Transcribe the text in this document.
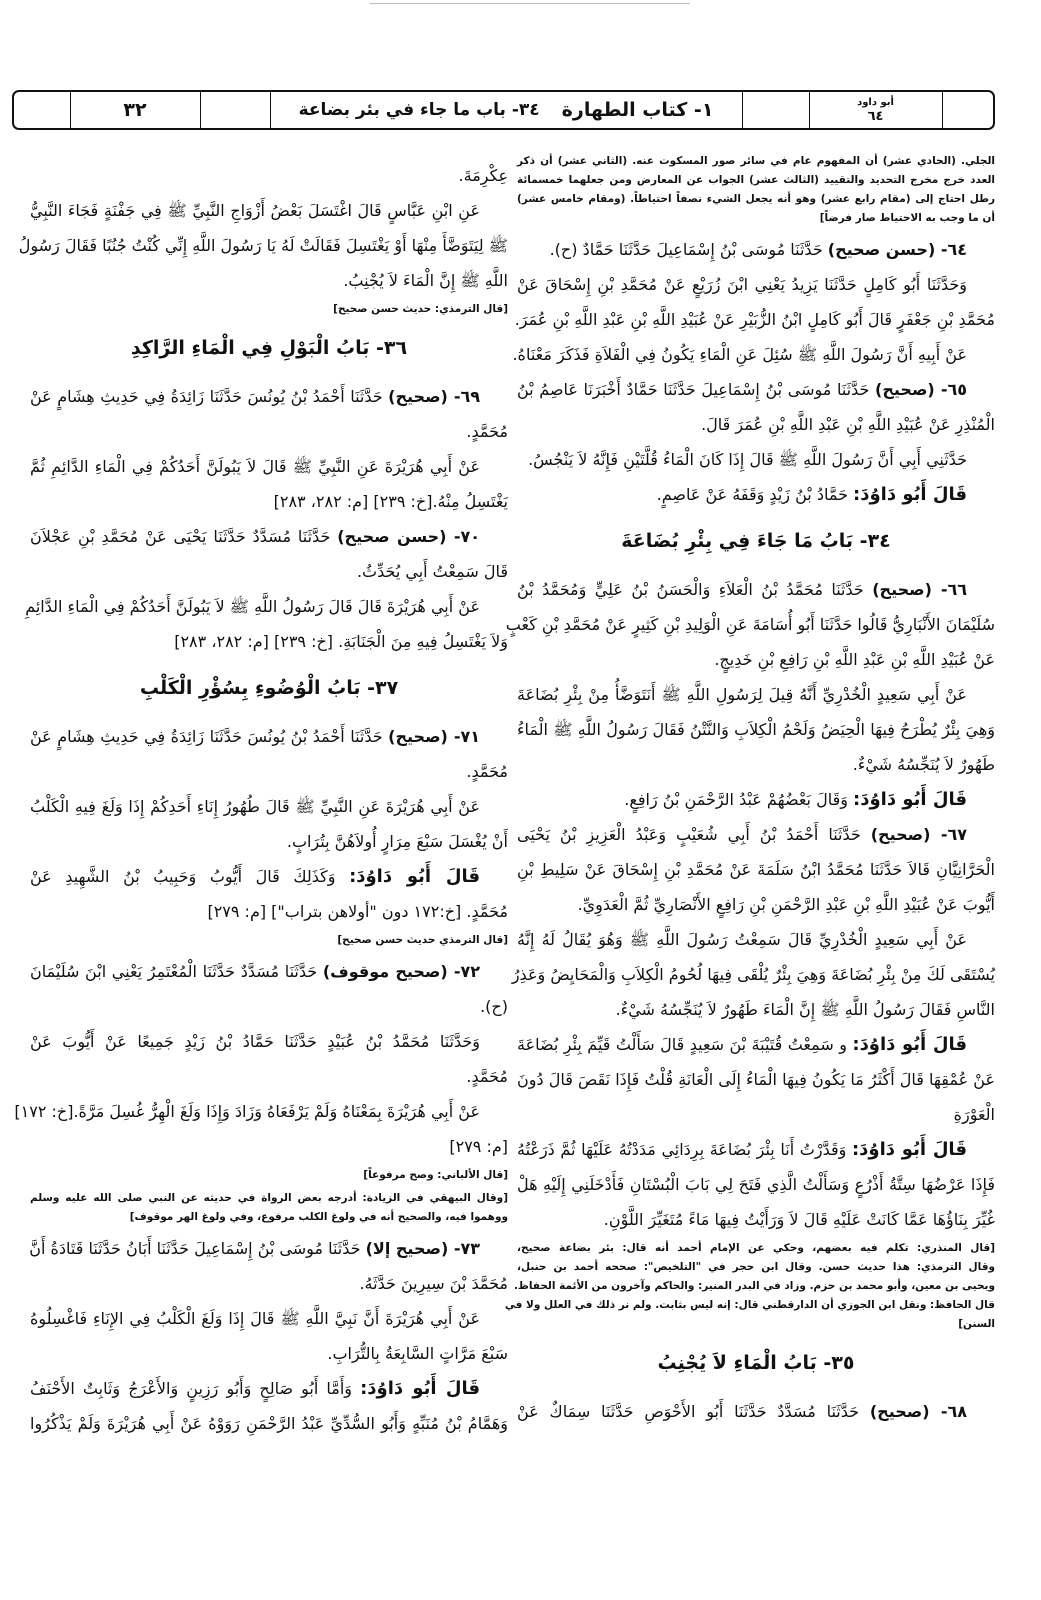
٣٢	١- كتاب الطهارة
٣٤- باب ما جاء في بئر بضاعة	أبو داود
٦٤
الجلي. (الحادي عشر) أن المفهوم عام في سائر صور المسكوت عنه. (الثاني عشر) أن ذكر
العدد خرج مخرج التحديد والتقييد (الثالث عشر) الجواب عن المعارض ومن جعلهما خمسمائة
رطل احتاج إلى (مقام رابع عشر) وهو أنه يجعل الشيء نصفاً احتياطاً. (ومقام خامس عشر)
أن ما وجب به الاحتياط صار فرضاً]
٦٤- (حسن صحيح) حَدَّثَنَا مُوسَى بْنُ إِسْمَاعِيلَ حَدَّثَنَا حَمَّادٌ (ح).
وَحَدَّثَنَا أَبُو كَامِلٍ حَدَّثَنَا يَزِيدُ يَعْنِي ابْنَ زُرَيْعٍ عَنْ مُحَمَّدِ بْنِ إِسْحَاقَ عَنْ
مُحَمَّدِ بْنِ جَعْفَرٍ قَالَ أَبُو كَامِلٍ ابْنُ الزُّبَيْرِ عَنْ عُبَيْدِ اللَّهِ بْنِ عَبْدِ اللَّهِ بْنِ عُمَرَ.
عَنْ أَبِيهِ أَنَّ رَسُولَ اللَّهِ ﷺ سُئِلَ عَنِ الْمَاءِ يَكُونُ فِي الْفَلاَةِ فَذَكَرَ مَعْنَاهُ.
٦٥- (صحيح) حَدَّثَنَا مُوسَى بْنُ إِسْمَاعِيلَ حَدَّثَنَا حَمَّادٌ أَخْبَرَنَا عَاصِمُ بْنُ
الْمُنْذِرِ عَنْ عُبَيْدِ اللَّهِ بْنِ عَبْدِ اللَّهِ بْنِ عُمَرَ قَالَ.
حَدَّثَنِي أَبِي أَنَّ رَسُولَ اللَّهِ ﷺ قَالَ إِذَا كَانَ الْمَاءُ قُلَّتَيْنِ فَإِنَّهُ لاَ يَنْجُسُ.
قَالَ أَبُو دَاوُدَ: حَمَّادُ بْنُ زَيْدٍ وَقَفَهُ عَنْ عَاصِمٍ.
٣٤- بَابُ مَا جَاءَ فِي بِئْرِ بُضَاعَةَ
٦٦- (صحيح) حَدَّثَنَا مُحَمَّدُ بْنُ الْعَلاَءِ وَالْحَسَنُ بْنُ عَلِيٍّ وَمُحَمَّدُ بْنُ
سُلَيْمَانَ الأَنْبَارِيُّ قَالُوا حَدَّثَنَا أَبُو أُسَامَةَ عَنِ الْوَلِيدِ بْنِ كَثِيرٍ عَنْ مُحَمَّدِ بْنِ كَعْبٍ
عَنْ عُبَيْدِ اللَّهِ بْنِ عَبْدِ اللَّهِ بْنِ رَافِعِ بْنِ خَدِيجٍ.
عَنْ أَبِي سَعِيدٍ الْخُدْرِيِّ أَنَّهُ قِيلَ لِرَسُولِ اللَّهِ ﷺ أَنَتَوَضَّأُ مِنْ بِئْرِ بُضَاعَةَ
وَهِيَ بِئْرٌ يُطْرَحُ فِيهَا الْحِيَضُ وَلَحْمُ الْكِلاَبِ وَالنَّتْنُ فَقَالَ رَسُولُ اللَّهِ ﷺ الْمَاءُ
طَهُورٌ لاَ يُنَجِّسُهُ شَيْءٌ.
قَالَ أَبُو دَاوُدَ: وَقَالَ بَعْضُهُمْ عَبْدُ الرَّحْمَنِ بْنُ رَافِعٍ.
٦٧- (صحيح) حَدَّثَنَا أَحْمَدُ بْنُ أَبِي شُعَيْبٍ وَعَبْدُ الْعَزِيزِ بْنُ يَحْيَى
الْحَرَّانِيَّانِ قَالاَ حَدَّثَنَا مُحَمَّدُ ابْنُ سَلَمَةَ عَنْ مُحَمَّدِ بْنِ إِسْحَاقَ عَنْ سَلِيطِ بْنِ
أَيُّوبَ عَنْ عُبَيْدِ اللَّهِ بْنِ عَبْدِ الرَّحْمَنِ بْنِ رَافِعٍ الأَنْصَارِيِّ ثُمَّ الْعَدَوِيِّ.
عَنْ أَبِي سَعِيدٍ الْخُدْرِيِّ قَالَ سَمِعْتُ رَسُولَ اللَّهِ ﷺ وَهُوَ يُقَالُ لَهُ إِنَّهُ
يُسْتَقَى لَكَ مِنْ بِئْرِ بُضَاعَةَ وَهِيَ بِئْرٌ يُلْقَى فِيهَا لُحُومُ الْكِلاَبِ وَالْمَحَايِضُ وَعَذِرُ
النَّاسِ فَقَالَ رَسُولُ اللَّهِ ﷺ إِنَّ الْمَاءَ طَهُورٌ لاَ يُنَجِّسُهُ شَيْءٌ.
قَالَ أَبُو دَاوُدَ: و سَمِعْتُ قُتَيْبَةَ بْنَ سَعِيدٍ قَالَ سَأَلْتُ قَيِّمَ بِئْرِ بُضَاعَةَ
عَنْ عُمْقِهَا قَالَ أَكْثَرُ مَا يَكُونُ فِيهَا الْمَاءُ إِلَى الْعَانَةِ قُلْتُ فَإِذَا نَقَصَ قَالَ دُونَ
الْعَوْرَةِ
قَالَ أَبُو دَاوُدَ: وَقَدَّرْتُ أَنَا بِئْرَ بُضَاعَةَ بِرِدَائِي مَدَدْتُهُ عَلَيْهَا ثُمَّ ذَرَعْتُهُ
فَإِذَا عَرْضُهَا سِتَّةُ أَذْرُعٍ وَسَأَلْتُ الَّذِي فَتَحَ لِي بَابَ الْبُسْتَانِ فَأَدْخَلَنِي إِلَيْهِ هَلْ
غُيِّرَ بِنَاؤُهَا عَمَّا كَانَتْ عَلَيْهِ قَالَ لاَ وَرَأَيْتُ فِيهَا مَاءً مُتَغَيِّرَ اللَّوْنِ.
[قال المنذري: تكلم فيه بعضهم، وحكي عن الإمام أحمد أنه قال: بئر بضاعة صحيح،
وقال الترمذي: هذا حديث حسن. وقال ابن حجر في "التلخيص": صححه أحمد بن حنبل،
ويحيى بن معين، وأبو محمد بن حزم. وزاد في البدر المنير: والحاكم وآخرون من الأئمة الحفاظ.
قال الحافظ: ونقل ابن الجوزي أن الدارقطني قال: إنه ليس بثابت. ولم نر ذلك في العلل ولا في
السنن]
٣٥- بَابُ الْمَاءِ لاَ يُجْنِبُ
٦٨- (صحيح) حَدَّثَنَا مُسَدَّدٌ حَدَّثَنَا أَبُو الأَحْوَصِ حَدَّثَنَا سِمَاكٌ عَنْ
عِكْرِمَةَ.
عَنِ ابْنِ عَبَّاسٍ قَالَ اغْتَسَلَ بَعْضُ أَزْوَاجِ النَّبِيِّ ﷺ فِي جَفْنَةٍ فَجَاءَ النَّبِيُّ
ﷺ لِيَتَوَضَّأَ مِنْهَا أَوْ يَغْتَسِلَ فَقَالَتْ لَهُ يَا رَسُولَ اللَّهِ إِنِّي كُنْتُ جُنُبًا فَقَالَ رَسُولُ
اللَّهِ ﷺ إِنَّ الْمَاءَ لاَ يُجْنِبُ.
[قال الترمذي: حديث حسن صحيح]
٣٦- بَابُ الْبَوْلِ فِي الْمَاءِ الرَّاكِدِ
٦٩- (صحيح) حَدَّثَنَا أَحْمَدُ بْنُ يُونُسَ حَدَّثَنَا زَائِدَةُ فِي حَدِيثِ هِشَامٍ عَنْ
مُحَمَّدٍ.
عَنْ أَبِي هُرَيْرَةَ عَنِ النَّبِيِّ ﷺ قَالَ لاَ يَبُولَنَّ أَحَدُكُمْ فِي الْمَاءِ الدَّائِمِ ثُمَّ
يَغْتَسِلُ مِنْهُ.[خ: ٢٣٩] [م: ٢٨٢، ٢٨٣]
٧٠- (حسن صحيح) حَدَّثَنَا مُسَدَّدٌ حَدَّثَنَا يَحْيَى عَنْ مُحَمَّدِ بْنِ عَجْلاَنَ
قَالَ سَمِعْتُ أَبِي يُحَدِّثُ.
عَنْ أَبِي هُرَيْرَةَ قَالَ قَالَ رَسُولُ اللَّهِ ﷺ لاَ يَبُولَنَّ أَحَدُكُمْ فِي الْمَاءِ الدَّائِمِ
وَلاَ يَغْتَسِلُ فِيهِ مِنَ الْجَنَابَةِ. [خ: ٢٣٩] [م: ٢٨٢، ٢٨٣]
٣٧- بَابُ الْوُضُوءِ بِسُؤْرِ الْكَلْبِ
٧١- (صحيح) حَدَّثَنَا أَحْمَدُ بْنُ يُونُسَ حَدَّثَنَا زَائِدَةُ فِي حَدِيثِ هِشَامٍ عَنْ
مُحَمَّدٍ.
عَنْ أَبِي هُرَيْرَةَ عَنِ النَّبِيِّ ﷺ قَالَ طُهُورُ إِنَاءِ أَحَدِكُمْ إِذَا وَلَغَ فِيهِ الْكَلْبُ
أَنْ يُغْسَلَ سَبْعَ مِرَارٍ أُولاَهُنَّ بِتُرَابٍ.
قَالَ أَبُو دَاوُدَ: وَكَذَلِكَ قَالَ أَيُّوبُ وَحَبِيبُ بْنُ الشَّهِيدِ عَنْ
مُحَمَّدٍ. [خ:١٧٢ دون "أولاهن بتراب"] [م: ٢٧٩]
[قال الترمذي حديث حسن صحيح]
٧٢- (صحيح موقوف) حَدَّثَنَا مُسَدَّدٌ حَدَّثَنَا الْمُعْتَمِرُ يَعْنِي ابْنَ سُلَيْمَانَ
(ح).
وَحَدَّثَنَا مُحَمَّدُ بْنُ عُبَيْدٍ حَدَّثَنَا حَمَّادُ بْنُ زَيْدٍ جَمِيعًا عَنْ أَيُّوبَ عَنْ
مُحَمَّدٍ.
عَنْ أَبِي هُرَيْرَةَ بِمَعْنَاهُ وَلَمْ يَرْفَعَاهُ وَزَادَ وَإِذَا وَلَغَ الْهِرُّ غُسِلَ مَرَّةً.[خ: ١٧٢]
[م: ٢٧٩]
[قال الألباني: وصح مرفوعاً]
[وقال البيهقي في الزيادة: أدرجه بعض الرواة في حديثه عن النبي صلى الله عليه وسلم
ووهموا فيه، والصحيح أنه في ولوغ الكلب مرفوع، وفي ولوغ الهر موقوف]
٧٣- (صحيح إلا) حَدَّثَنَا مُوسَى بْنُ إِسْمَاعِيلَ حَدَّثَنَا أَبَانُ حَدَّثَنَا قَتَادَةُ أَنَّ
مُحَمَّدَ بْنَ سِيرِينَ حَدَّثَهُ.
عَنْ أَبِي هُرَيْرَةَ أَنَّ نَبِيَّ اللَّهِ ﷺ قَالَ إِذَا وَلَغَ الْكَلْبُ فِي الإِنَاءِ فَاغْسِلُوهُ
سَبْعَ مَرَّاتٍ السَّابِعَةُ بِالتُّرَابِ.
قَالَ أَبُو دَاوُدَ: وَأَمَّا أَبُو صَالِحٍ وَأَبُو رَزِينٍ وَالأَعْرَجُ وَثَابِتٌ الأَحْنَفُ
وَهَمَّامُ بْنُ مُنَبِّهٍ وَأَبُو السُّدِّيِّ عَبْدُ الرَّحْمَنِ رَوَوْهُ عَنْ أَبِي هُرَيْرَةَ وَلَمْ يَذْكُرُوا
